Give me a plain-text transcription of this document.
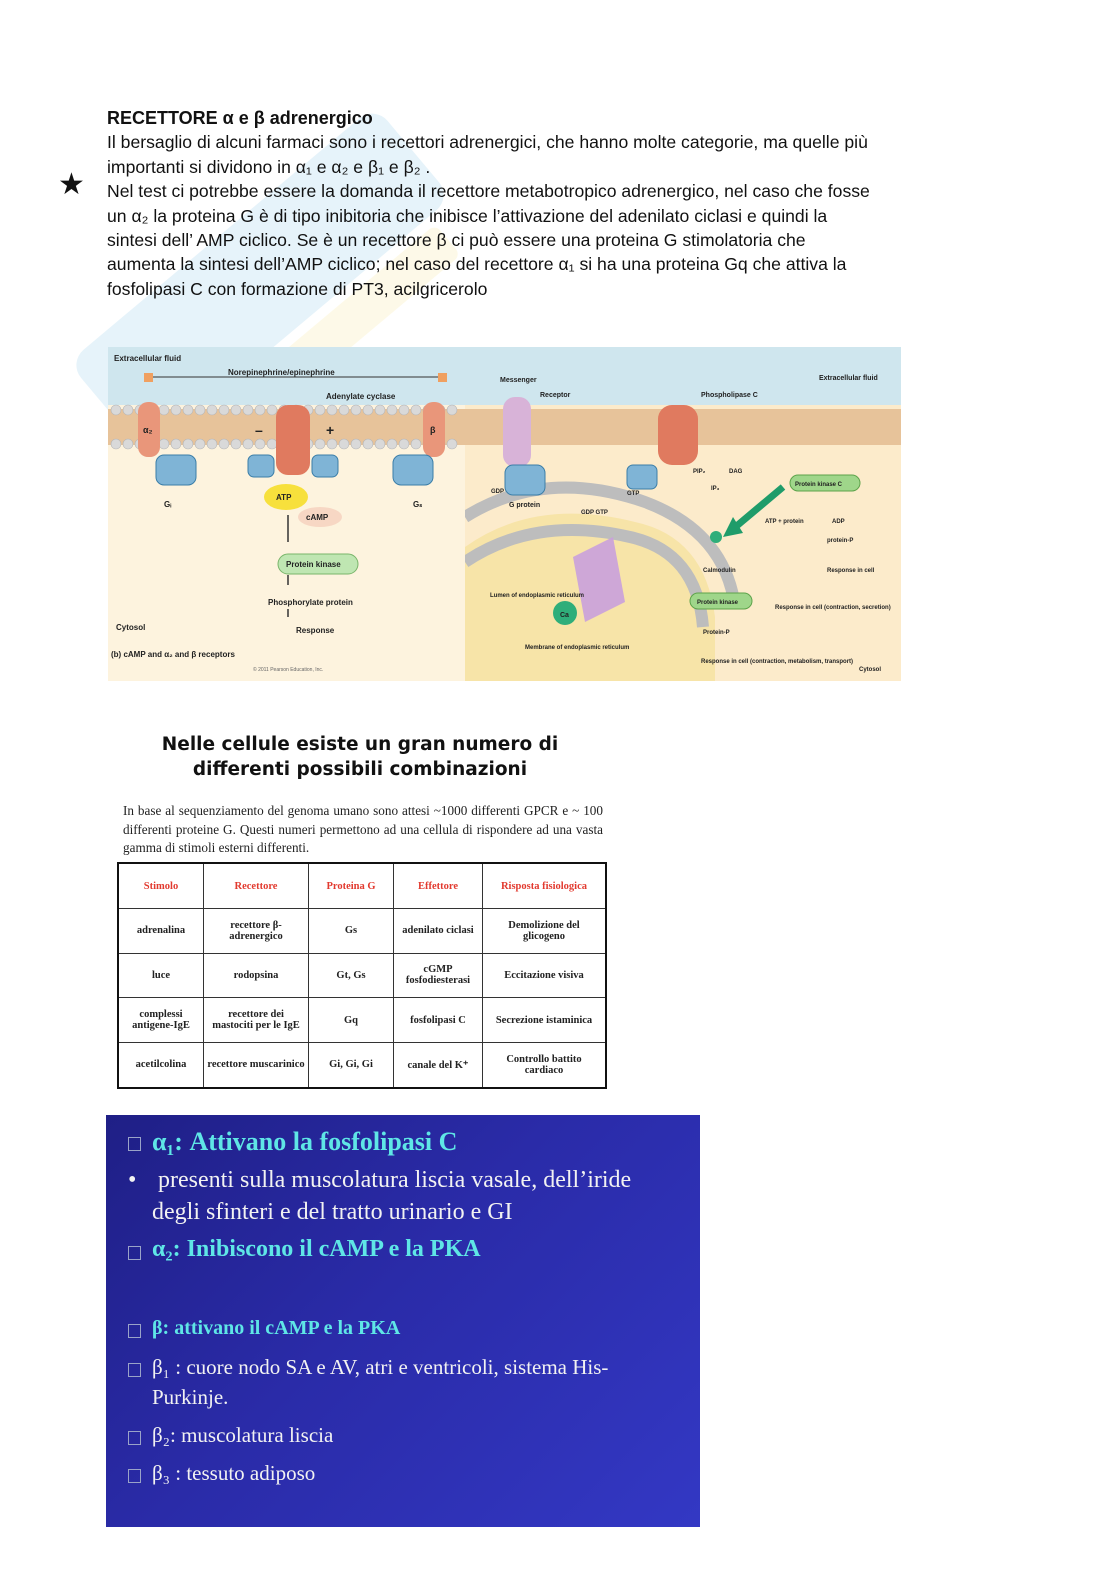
★

RECETTORE α e β adrenergico

Il bersaglio di alcuni farmaci sono i recettori adrenergici, che hanno molte categorie, ma quelle più

importanti si dividono in α₁ e α₂ e β₁ e β₂ .

Nel test ci potrebbe essere la domanda il recettore metabotropico adrenergico, nel caso che fosse

un α₂ la proteina G è di tipo inibitoria che inibisce l’attivazione del adenilato ciclasi e quindi la

sintesi dell’ AMP ciclico. Se è un recettore β ci può essere una proteina G stimolatoria che

aumenta la sintesi dell’AMP ciclico; nel caso del recettore α₁ si ha una proteina Gq che attiva la

fosfolipasi C con formazione di PT3, acilgricerolo

Extracellular fluid
Norepinephrine/epinephrine
Adenylate cyclase
α₂	β
–	+
ATP
cAMP
Protein kinase
Phosphorylate protein
Response
Cytosol
Gᵢ	Gₛ
(b) cAMP and α₂ and β receptors
© 2011 Pearson Education, Inc.
Messenger
Receptor	Phospholipase C
Extracellular fluid
GDP	GTP
G protein
GDP GTP
PIP₂	DAG
IP₃
Protein kinase C
ATP + protein	ADP
protein-P
Response in cell
Calmodulin
Protein kinase
Protein-P
Lumen of endoplasmic reticulum
Ca
Membrane of endoplasmic reticulum
Response in cell (contraction, secretion)
Response in cell (contraction, metabolism, transport)
Cytosol
Nelle cellule esiste un gran numero di
differenti possibili combinazioni
In base al sequenziamento del genoma umano sono attesi ~1000 differenti GPCR e ~ 100 differenti proteine G. Questi numeri permettono ad una cellula di rispondere ad una vasta gamma di stimoli esterni differenti.
Stimolo	Recettore	Proteina G	Effettore	Risposta fisiologica
adrenalina	recettore β-adrenergico	Gs	adenilato ciclasi	Demolizione del glicogeno
luce	rodopsina	Gt, Gs	cGMP fosfodiesterasi	Eccitazione visiva
complessi antigene-IgE	recettore dei mastociti per le IgE	Gq	fosfolipasi C	Secrezione istaminica
acetilcolina	recettore muscarinico	Gi, Gi, Gi	canale del K⁺	Controllo battito cardiaco
α₁: Attivano la fosfolipasi C
• presenti sulla muscolatura liscia vasale, dell’iride
degli sfinteri e del tratto urinario e GI
α₂: Inibiscono il cAMP e la PKA
β: attivano il cAMP e la PKA
β₁ : cuore nodo SA e AV, atri e ventricoli, sistema His-
Purkinje.
β₂: muscolatura liscia
β₃ : tessuto adiposo
